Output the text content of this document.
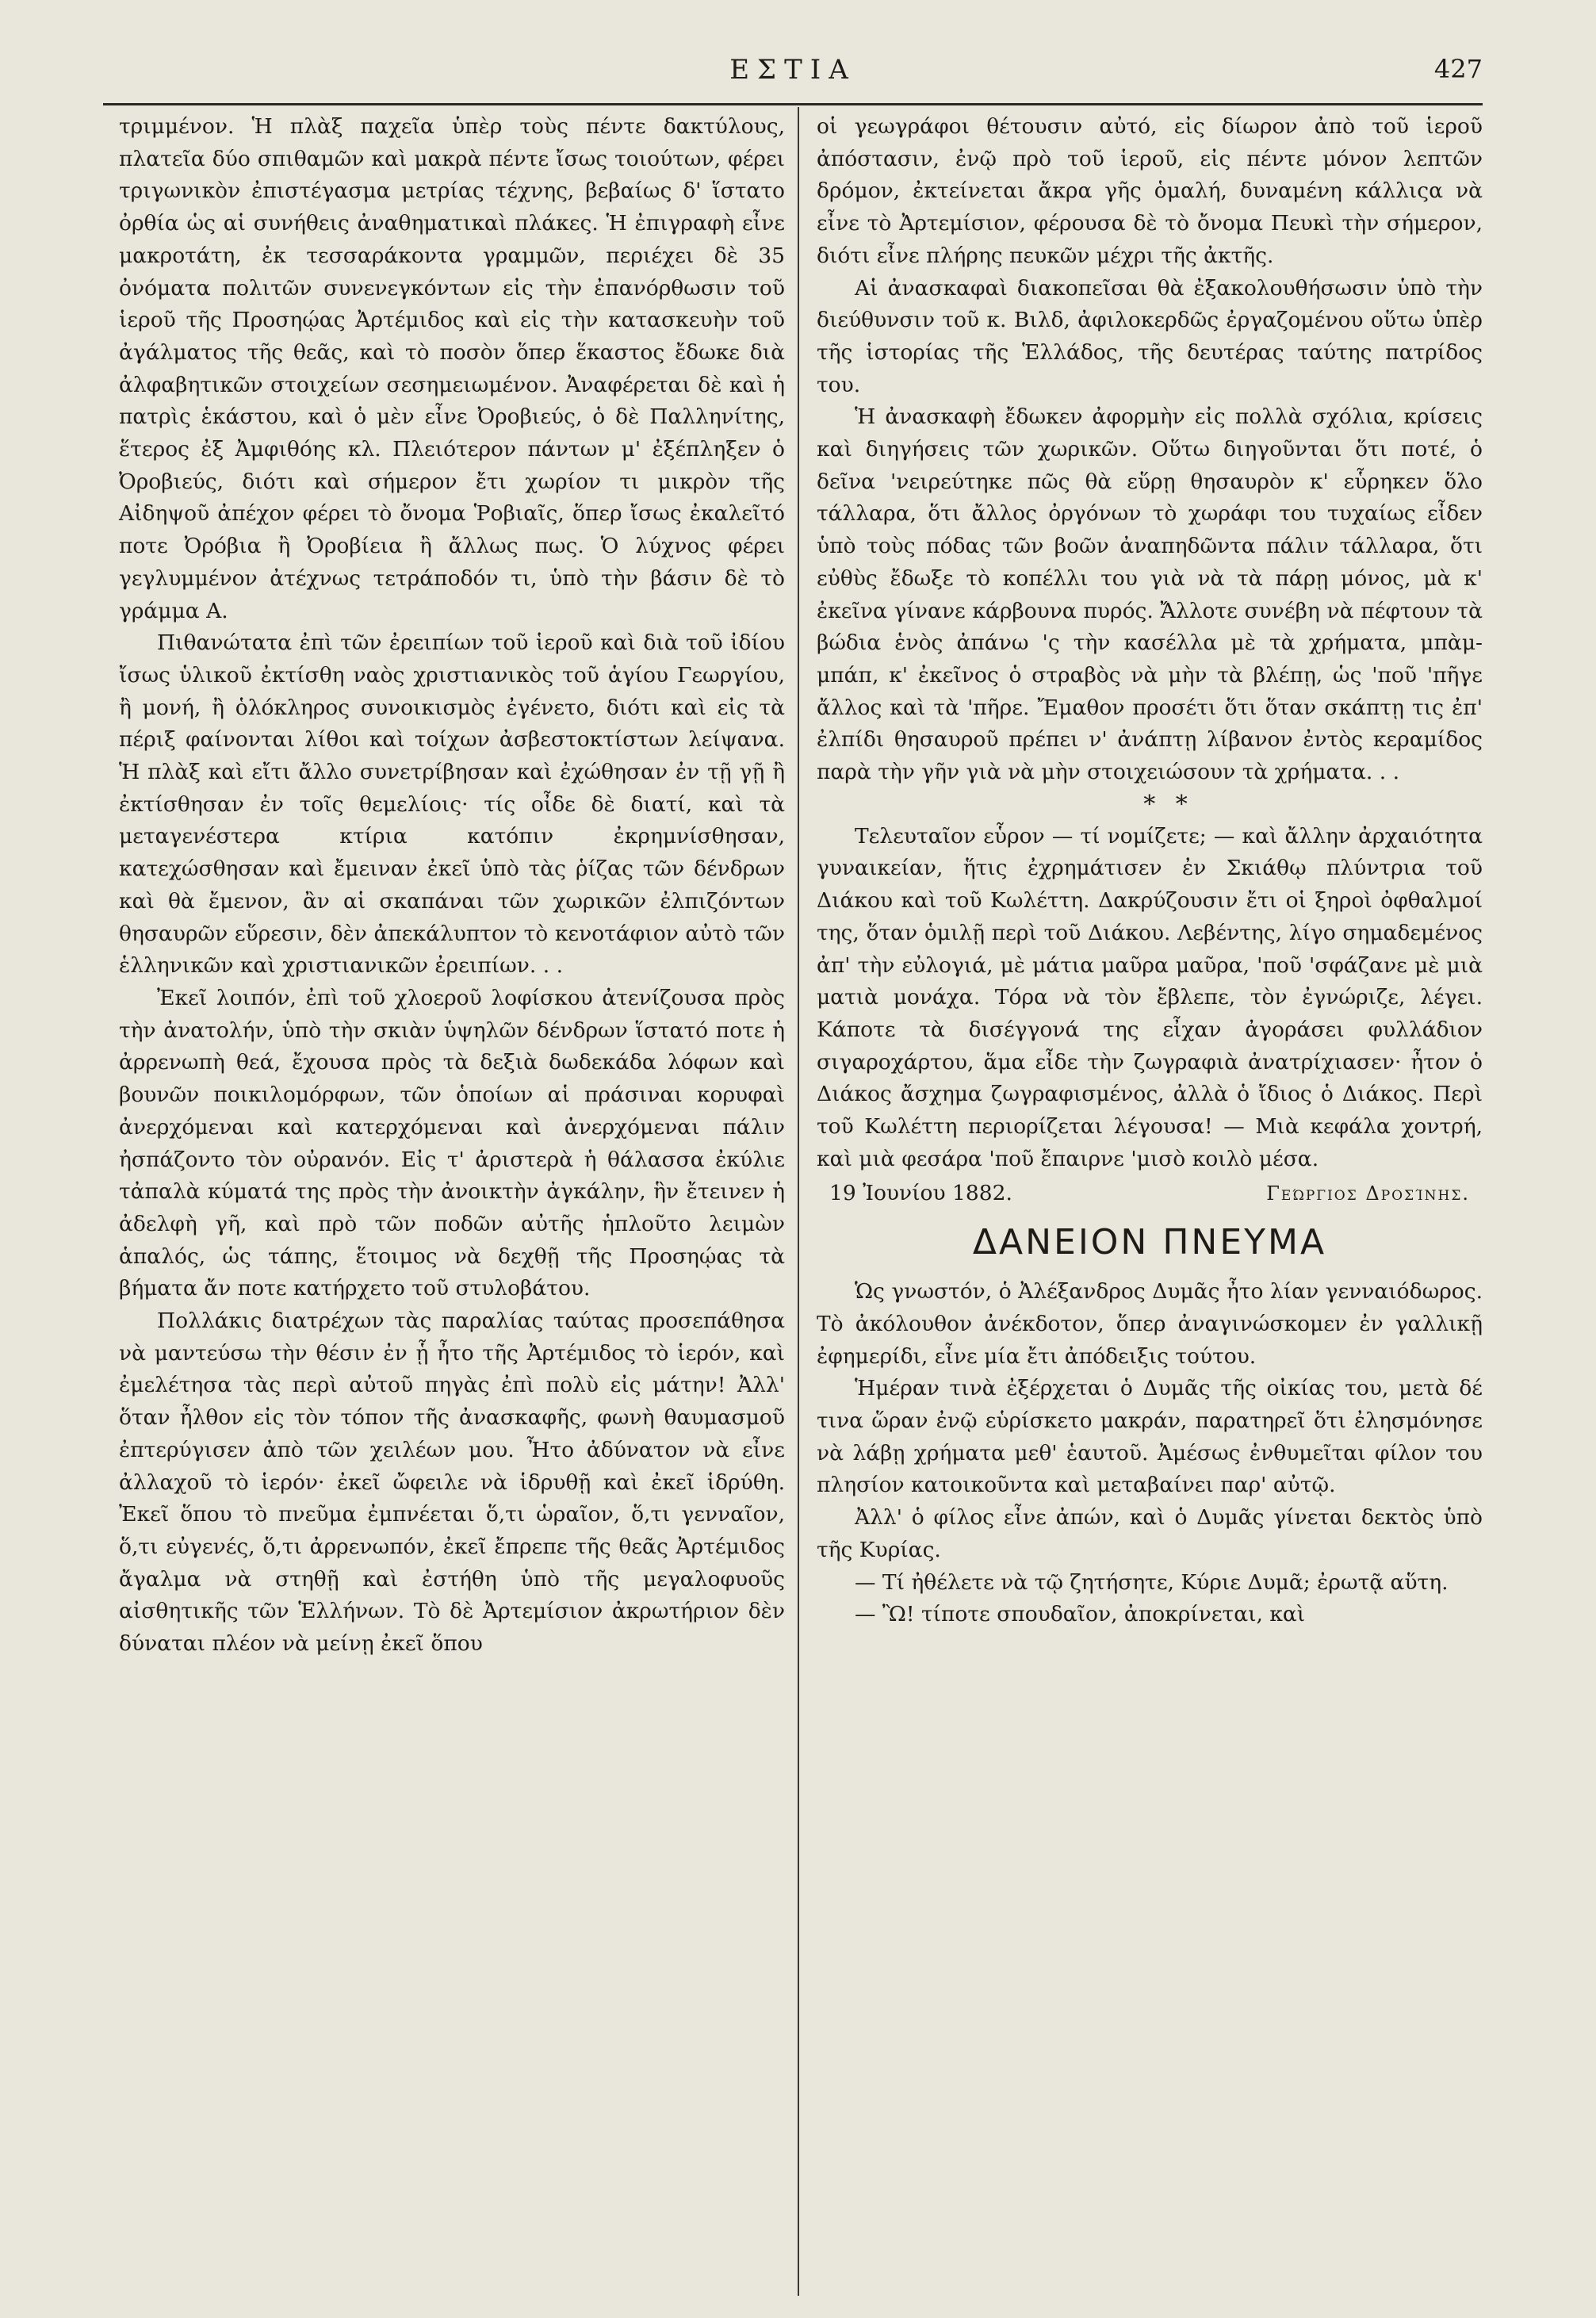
ΕΣΤΙΑ	427

τριμμένον. Ἡ πλὰξ παχεῖα ὑπὲρ τοὺς πέντε δακτύλους, πλατεῖα δύο σπιθαμῶν καὶ μακρὰ πέντε ἴσως τοιούτων, φέρει τριγωνικὸν ἐπιστέγασμα μετρίας τέχνης, βεβαίως δ' ἵστατο ὀρθία ὡς αἱ συνήθεις ἀναθηματικαὶ πλάκες. Ἡ ἐπιγραφὴ εἶνε μακροτάτη, ἐκ τεσσαράκοντα γραμμῶν, περιέχει δὲ 35 ὀνόματα πολιτῶν συνενεγκόντων εἰς τὴν ἐπανόρθωσιν τοῦ ἱεροῦ τῆς Προσηῴας Ἀρτέμιδος καὶ εἰς τὴν κατασκευὴν τοῦ ἀγάλματος τῆς θεᾶς, καὶ τὸ ποσὸν ὅπερ ἕκαστος ἔδωκε διὰ ἀλφαβητικῶν στοιχείων σεσημειωμένον. Ἀναφέρεται δὲ καὶ ἡ πατρὶς ἑκάστου, καὶ ὁ μὲν εἶνε Ὀροβιεύς, ὁ δὲ Παλληνίτης, ἕτερος ἐξ Ἀμφιθόης κλ. Πλειότερον πάντων μ' ἐξέπληξεν ὁ Ὀροβιεύς, διότι καὶ σήμερον ἔτι χωρίον τι μικρὸν τῆς Αἰδηψοῦ ἀπέχον φέρει τὸ ὄνομα Ῥοβιαῖς, ὅπερ ἴσως ἐκαλεῖτό ποτε Ὀρόβια ἢ Ὀροβίεια ἢ ἄλλως πως. Ὁ λύχνος φέρει γεγλυμμένον ἀτέχνως τετράποδόν τι, ὑπὸ τὴν βάσιν δὲ τὸ γράμμα Α.

Πιθανώτατα ἐπὶ τῶν ἐρειπίων τοῦ ἱεροῦ καὶ διὰ τοῦ ἰδίου ἴσως ὑλικοῦ ἐκτίσθη ναὸς χριστιανικὸς τοῦ ἁγίου Γεωργίου, ἢ μονή, ἢ ὁλόκληρος συνοικισμὸς ἐγένετο, διότι καὶ εἰς τὰ πέριξ φαίνονται λίθοι καὶ τοίχων ἀσβεστοκτίστων λείψανα. Ἡ πλὰξ καὶ εἴτι ἄλλο συνετρίβησαν καὶ ἐχώθησαν ἐν τῇ γῇ ἢ ἐκτίσθησαν ἐν τοῖς θεμελίοις· τίς οἶδε δὲ διατί, καὶ τὰ μεταγενέστερα κτίρια κατόπιν ἐκρημνίσθησαν, κατεχώσθησαν καὶ ἔμειναν ἐκεῖ ὑπὸ τὰς ῥίζας τῶν δένδρων καὶ θὰ ἔμενον, ἂν αἱ σκαπάναι τῶν χωρικῶν ἐλπιζόντων θησαυρῶν εὕρεσιν, δὲν ἀπεκάλυπτον τὸ κενοτάφιον αὐτὸ τῶν ἑλληνικῶν καὶ χριστιανικῶν ἐρειπίων. . .

Ἐκεῖ λοιπόν, ἐπὶ τοῦ χλοεροῦ λοφίσκου ἀτενίζουσα πρὸς τὴν ἀνατολήν, ὑπὸ τὴν σκιὰν ὑψηλῶν δένδρων ἵστατό ποτε ἡ ἀρρενωπὴ θεά, ἔχουσα πρὸς τὰ δεξιὰ δωδεκάδα λόφων καὶ βουνῶν ποικιλομόρφων, τῶν ὁποίων αἱ πράσιναι κορυφαὶ ἀνερχόμεναι καὶ κατερχόμεναι καὶ ἀνερχόμεναι πάλιν ἠσπάζοντο τὸν οὐρανόν. Εἰς τ' ἀριστερὰ ἡ θάλασσα ἐκύλιε τἀπαλὰ κύματά της πρὸς τὴν ἀνοικτὴν ἀγκάλην, ἣν ἔτεινεν ἡ ἀδελφὴ γῆ, καὶ πρὸ τῶν ποδῶν αὐτῆς ἡπλοῦτο λειμὼν ἁπαλός, ὡς τάπης, ἕτοιμος νὰ δεχθῇ τῆς Προσηῴας τὰ βήματα ἄν ποτε κατήρχετο τοῦ στυλοβάτου.

Πολλάκις διατρέχων τὰς παραλίας ταύτας προσεπάθησα νὰ μαντεύσω τὴν θέσιν ἐν ᾗ ἦτο τῆς Ἀρτέμιδος τὸ ἱερόν, καὶ ἐμελέτησα τὰς περὶ αὐτοῦ πηγὰς ἐπὶ πολὺ εἰς μάτην! Ἀλλ' ὅταν ἦλθον εἰς τὸν τόπον τῆς ἀνασκαφῆς, φωνὴ θαυμασμοῦ ἐπτερύγισεν ἀπὸ τῶν χειλέων μου. Ἦτο ἀδύνατον νὰ εἶνε ἀλλαχοῦ τὸ ἱερόν· ἐκεῖ ὤφειλε νὰ ἱδρυθῇ καὶ ἐκεῖ ἱδρύθη. Ἐκεῖ ὅπου τὸ πνεῦμα ἐμπνέεται ὅ,τι ὡραῖον, ὅ,τι γενναῖον, ὅ,τι εὐγενές, ὅ,τι ἀρρενωπόν, ἐκεῖ ἔπρεπε τῆς θεᾶς Ἀρτέμιδος ἄγαλμα νὰ στηθῇ καὶ ἐστήθη ὑπὸ τῆς μεγαλοφυοῦς αἰσθητικῆς τῶν Ἑλλήνων. Τὸ δὲ Ἀρτεμίσιον ἀκρωτήριον δὲν δύναται πλέον νὰ μείνῃ ἐκεῖ ὅπου

οἱ γεωγράφοι θέτουσιν αὐτό, εἰς δίωρον ἀπὸ τοῦ ἱεροῦ ἀπόστασιν, ἐνῷ πρὸ τοῦ ἱεροῦ, εἰς πέντε μόνον λεπτῶν δρόμον, ἐκτείνεται ἄκρα γῆς ὁμαλή, δυναμένη κάλλιςα νὰ εἶνε τὸ Ἀρτεμίσιον, φέρουσα δὲ τὸ ὄνομα Πευκὶ τὴν σήμερον, διότι εἶνε πλήρης πευκῶν μέχρι τῆς ἀκτῆς.

Αἱ ἀνασκαφαὶ διακοπεῖσαι θὰ ἐξακολουθήσωσιν ὑπὸ τὴν διεύθυνσιν τοῦ κ. Βιλδ, ἀφιλοκερδῶς ἐργαζομένου οὕτω ὑπὲρ τῆς ἱστορίας τῆς Ἑλλάδος, τῆς δευτέρας ταύτης πατρίδος του.

Ἡ ἀνασκαφὴ ἔδωκεν ἀφορμὴν εἰς πολλὰ σχόλια, κρίσεις καὶ διηγήσεις τῶν χωρικῶν. Οὕτω διηγοῦνται ὅτι ποτέ, ὁ δεῖνα 'νειρεύτηκε πῶς θὰ εὕρῃ θησαυρὸν κ' εὗρηκεν ὅλο τάλλαρα, ὅτι ἄλλος ὀργόνων τὸ χωράφι του τυχαίως εἶδεν ὑπὸ τοὺς πόδας τῶν βοῶν ἀναπηδῶντα πάλιν τάλλαρα, ὅτι εὐθὺς ἔδωξε τὸ κοπέλλι του γιὰ νὰ τὰ πάρῃ μόνος, μὰ κ' ἐκεῖνα γίνανε κάρβουνα πυρός. Ἄλλοτε συνέβη νὰ πέφτουν τὰ βώδια ἑνὸς ἀπάνω 'ς τὴν κασέλλα μὲ τὰ χρήματα, μπὰμ-μπάπ, κ' ἐκεῖνος ὁ στραβὸς νὰ μὴν τὰ βλέπῃ, ὡς 'ποῦ 'πῆγε ἄλλος καὶ τὰ 'πῆρε. Ἔμαθον προσέτι ὅτι ὅταν σκάπτῃ τις ἐπ' ἐλπίδι θησαυροῦ πρέπει ν' ἀνάπτῃ λίβανον ἐντὸς κεραμίδος παρὰ τὴν γῆν γιὰ νὰ μὴν στοιχειώσουν τὰ χρήματα. . .

* *

Τελευταῖον εὗρον — τί νομίζετε; — καὶ ἄλλην ἀρχαιότητα γυναικείαν, ἥτις ἐχρημάτισεν ἐν Σκιάθῳ πλύντρια τοῦ Διάκου καὶ τοῦ Κωλέττη. Δακρύζουσιν ἔτι οἱ ξηροὶ ὀφθαλμοί της, ὅταν ὁμιλῇ περὶ τοῦ Διάκου. Λεβέντης, λίγο σημαδεμένος ἀπ' τὴν εὐλογιά, μὲ μάτια μαῦρα μαῦρα, 'ποῦ 'σφάζανε μὲ μιὰ ματιὰ μονάχα. Τόρα νὰ τὸν ἔβλεπε, τὸν ἐγνώριζε, λέγει. Κάποτε τὰ δισέγγονά της εἶχαν ἀγοράσει φυλλάδιον σιγαροχάρτου, ἅμα εἶδε τὴν ζωγραφιὰ ἀνατρίχιασεν· ἦτον ὁ Διάκος ἄσχημα ζωγραφισμένος, ἀλλὰ ὁ ἴδιος ὁ Διάκος. Περὶ τοῦ Κωλέττη περιορίζεται λέγουσα! — Μιὰ κεφάλα χοντρή, καὶ μιὰ φεσάρα 'ποῦ ἔπαιρνε 'μισὸ κοιλὸ μέσα.

19 Ἰουνίου 1882.	Γεώργιος Δροσίνης.
ΔΑΝΕΙΟΝ ΠΝΕΥΜΑ

Ὡς γνωστόν, ὁ Ἀλέξανδρος Δυμᾶς ἦτο λίαν γενναιόδωρος. Τὸ ἀκόλουθον ἀνέκδοτον, ὅπερ ἀναγινώσκομεν ἐν γαλλικῇ ἐφημερίδι, εἶνε μία ἔτι ἀπόδειξις τούτου.

Ἡμέραν τινὰ ἐξέρχεται ὁ Δυμᾶς τῆς οἰκίας του, μετὰ δέ τινα ὥραν ἐνῷ εὑρίσκετο μακράν, παρατηρεῖ ὅτι ἐλησμόνησε νὰ λάβῃ χρήματα μεθ' ἑαυτοῦ. Ἀμέσως ἐνθυμεῖται φίλον του πλησίον κατοικοῦντα καὶ μεταβαίνει παρ' αὐτῷ.

Ἀλλ' ὁ φίλος εἶνε ἀπών, καὶ ὁ Δυμᾶς γίνεται δεκτὸς ὑπὸ τῆς Κυρίας.

— Τί ἠθέλετε νὰ τῷ ζητήσητε, Κύριε Δυμᾶ; ἐρωτᾷ αὕτη.

— Ὢ! τίποτε σπουδαῖον, ἀποκρίνεται, καὶ
